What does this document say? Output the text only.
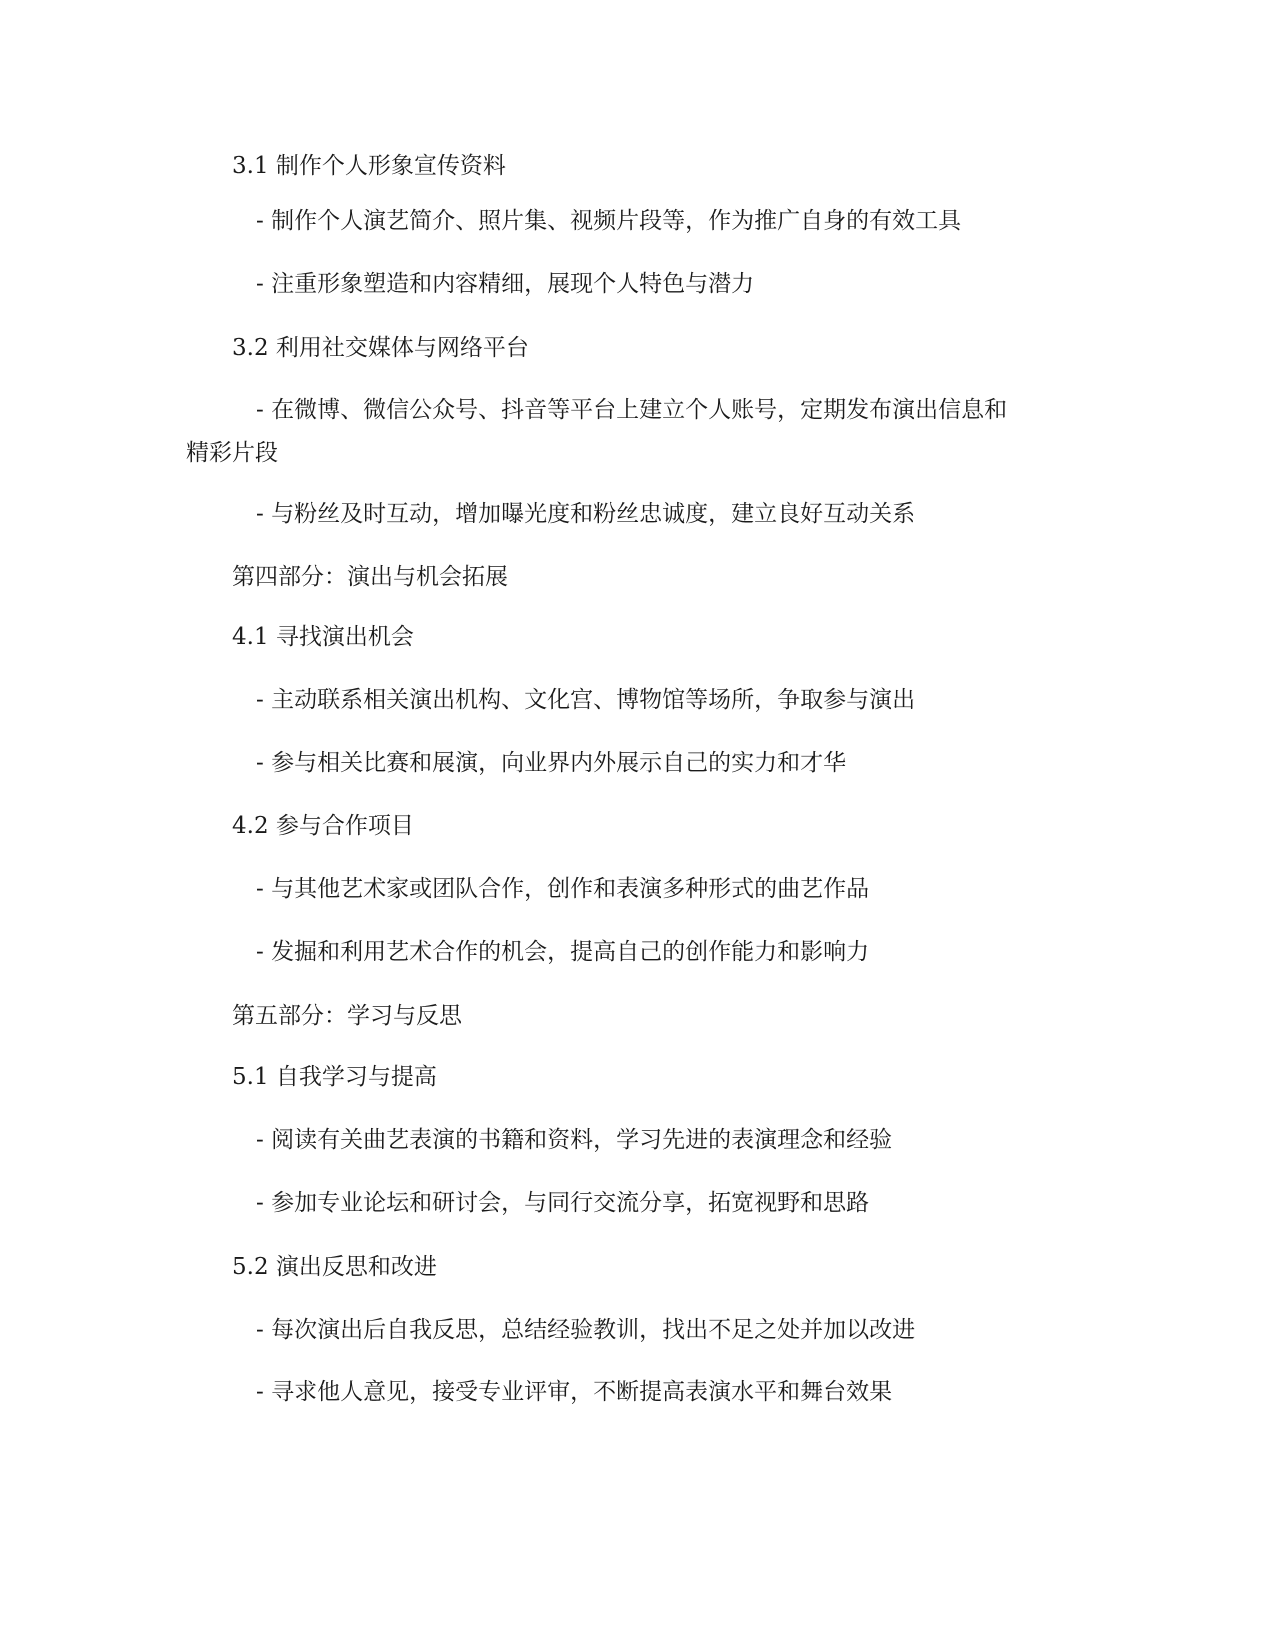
3.1 制作个人形象宣传资料
- 制作个人演艺简介、照片集、视频片段等，作为推广自身的有效工具
- 注重形象塑造和内容精细，展现个人特色与潜力
3.2 利用社交媒体与网络平台
- 在微博、微信公众号、抖音等平台上建立个人账号，定期发布演出信息和
精彩片段
- 与粉丝及时互动，增加曝光度和粉丝忠诚度，建立良好互动关系
第四部分：演出与机会拓展
4.1 寻找演出机会
- 主动联系相关演出机构、文化宫、博物馆等场所，争取参与演出
- 参与相关比赛和展演，向业界内外展示自己的实力和才华
4.2 参与合作项目
- 与其他艺术家或团队合作，创作和表演多种形式的曲艺作品
- 发掘和利用艺术合作的机会，提高自己的创作能力和影响力
第五部分：学习与反思
5.1 自我学习与提高
- 阅读有关曲艺表演的书籍和资料，学习先进的表演理念和经验
- 参加专业论坛和研讨会，与同行交流分享，拓宽视野和思路
5.2 演出反思和改进
- 每次演出后自我反思，总结经验教训，找出不足之处并加以改进
- 寻求他人意见，接受专业评审，不断提高表演水平和舞台效果
